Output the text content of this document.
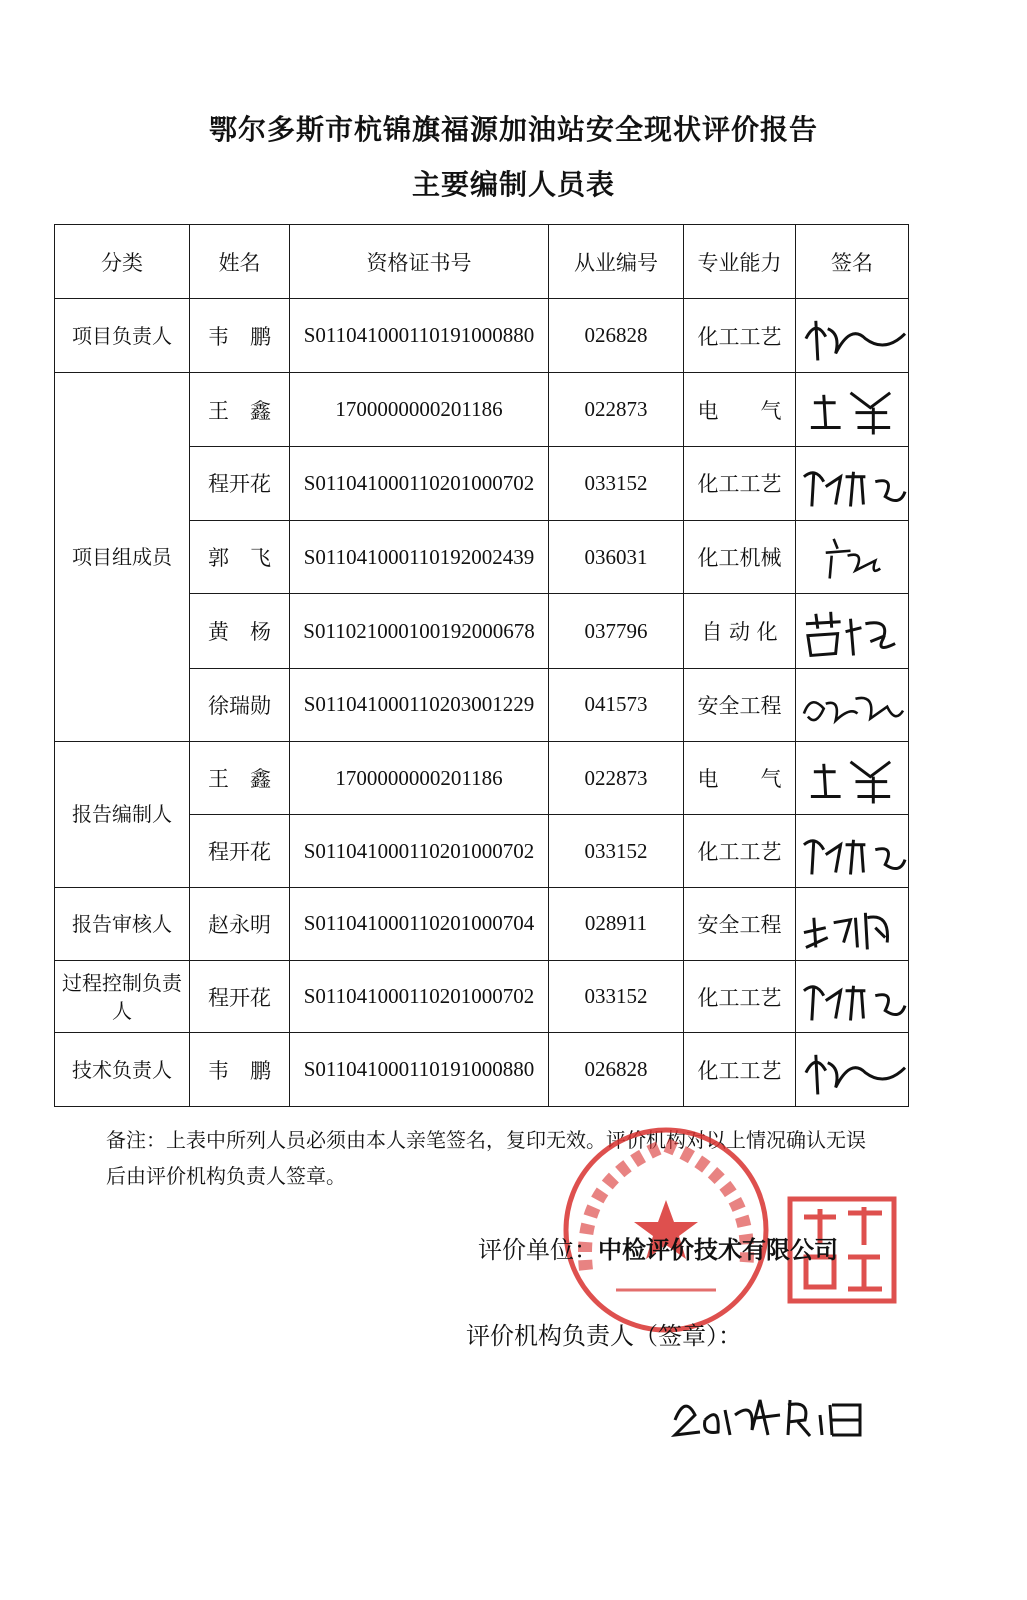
鄂尔多斯市杭锦旗福源加油站安全现状评价报告
主要编制人员表
分类	姓名	资格证书号	从业编号	专业能力	签名
项目负责人	韦　鹏	S011041000110191000880	026828	化工工艺	

项目组成员	王　鑫	1700000000201186	022873	电　　气	

	程开花	S011041000110201000702	033152	化工工艺	

	郭　飞	S011041000110192002439	036031	化工机械	

	黄　杨	S011021000100192000678	037796	自 动 化	

	徐瑞勋	S011041000110203001229	041573	安全工程	

报告编制人	王　鑫	1700000000201186	022873	电　　气	

	程开花	S011041000110201000702	033152	化工工艺	

报告审核人	赵永明	S011041000110201000704	028911	安全工程	

过程控制负责人	程开花	S011041000110201000702	033152	化工工艺	

技术负责人	韦　鹏	S011041000110191000880	026828	化工工艺	
备注：上表中所列人员必须由本人亲笔签名，复印无效。评价机构对以上情况确认无误后由评价机构负责人签章。
评价单位：中检评价技术有限公司
评价机构负责人（签章）：
